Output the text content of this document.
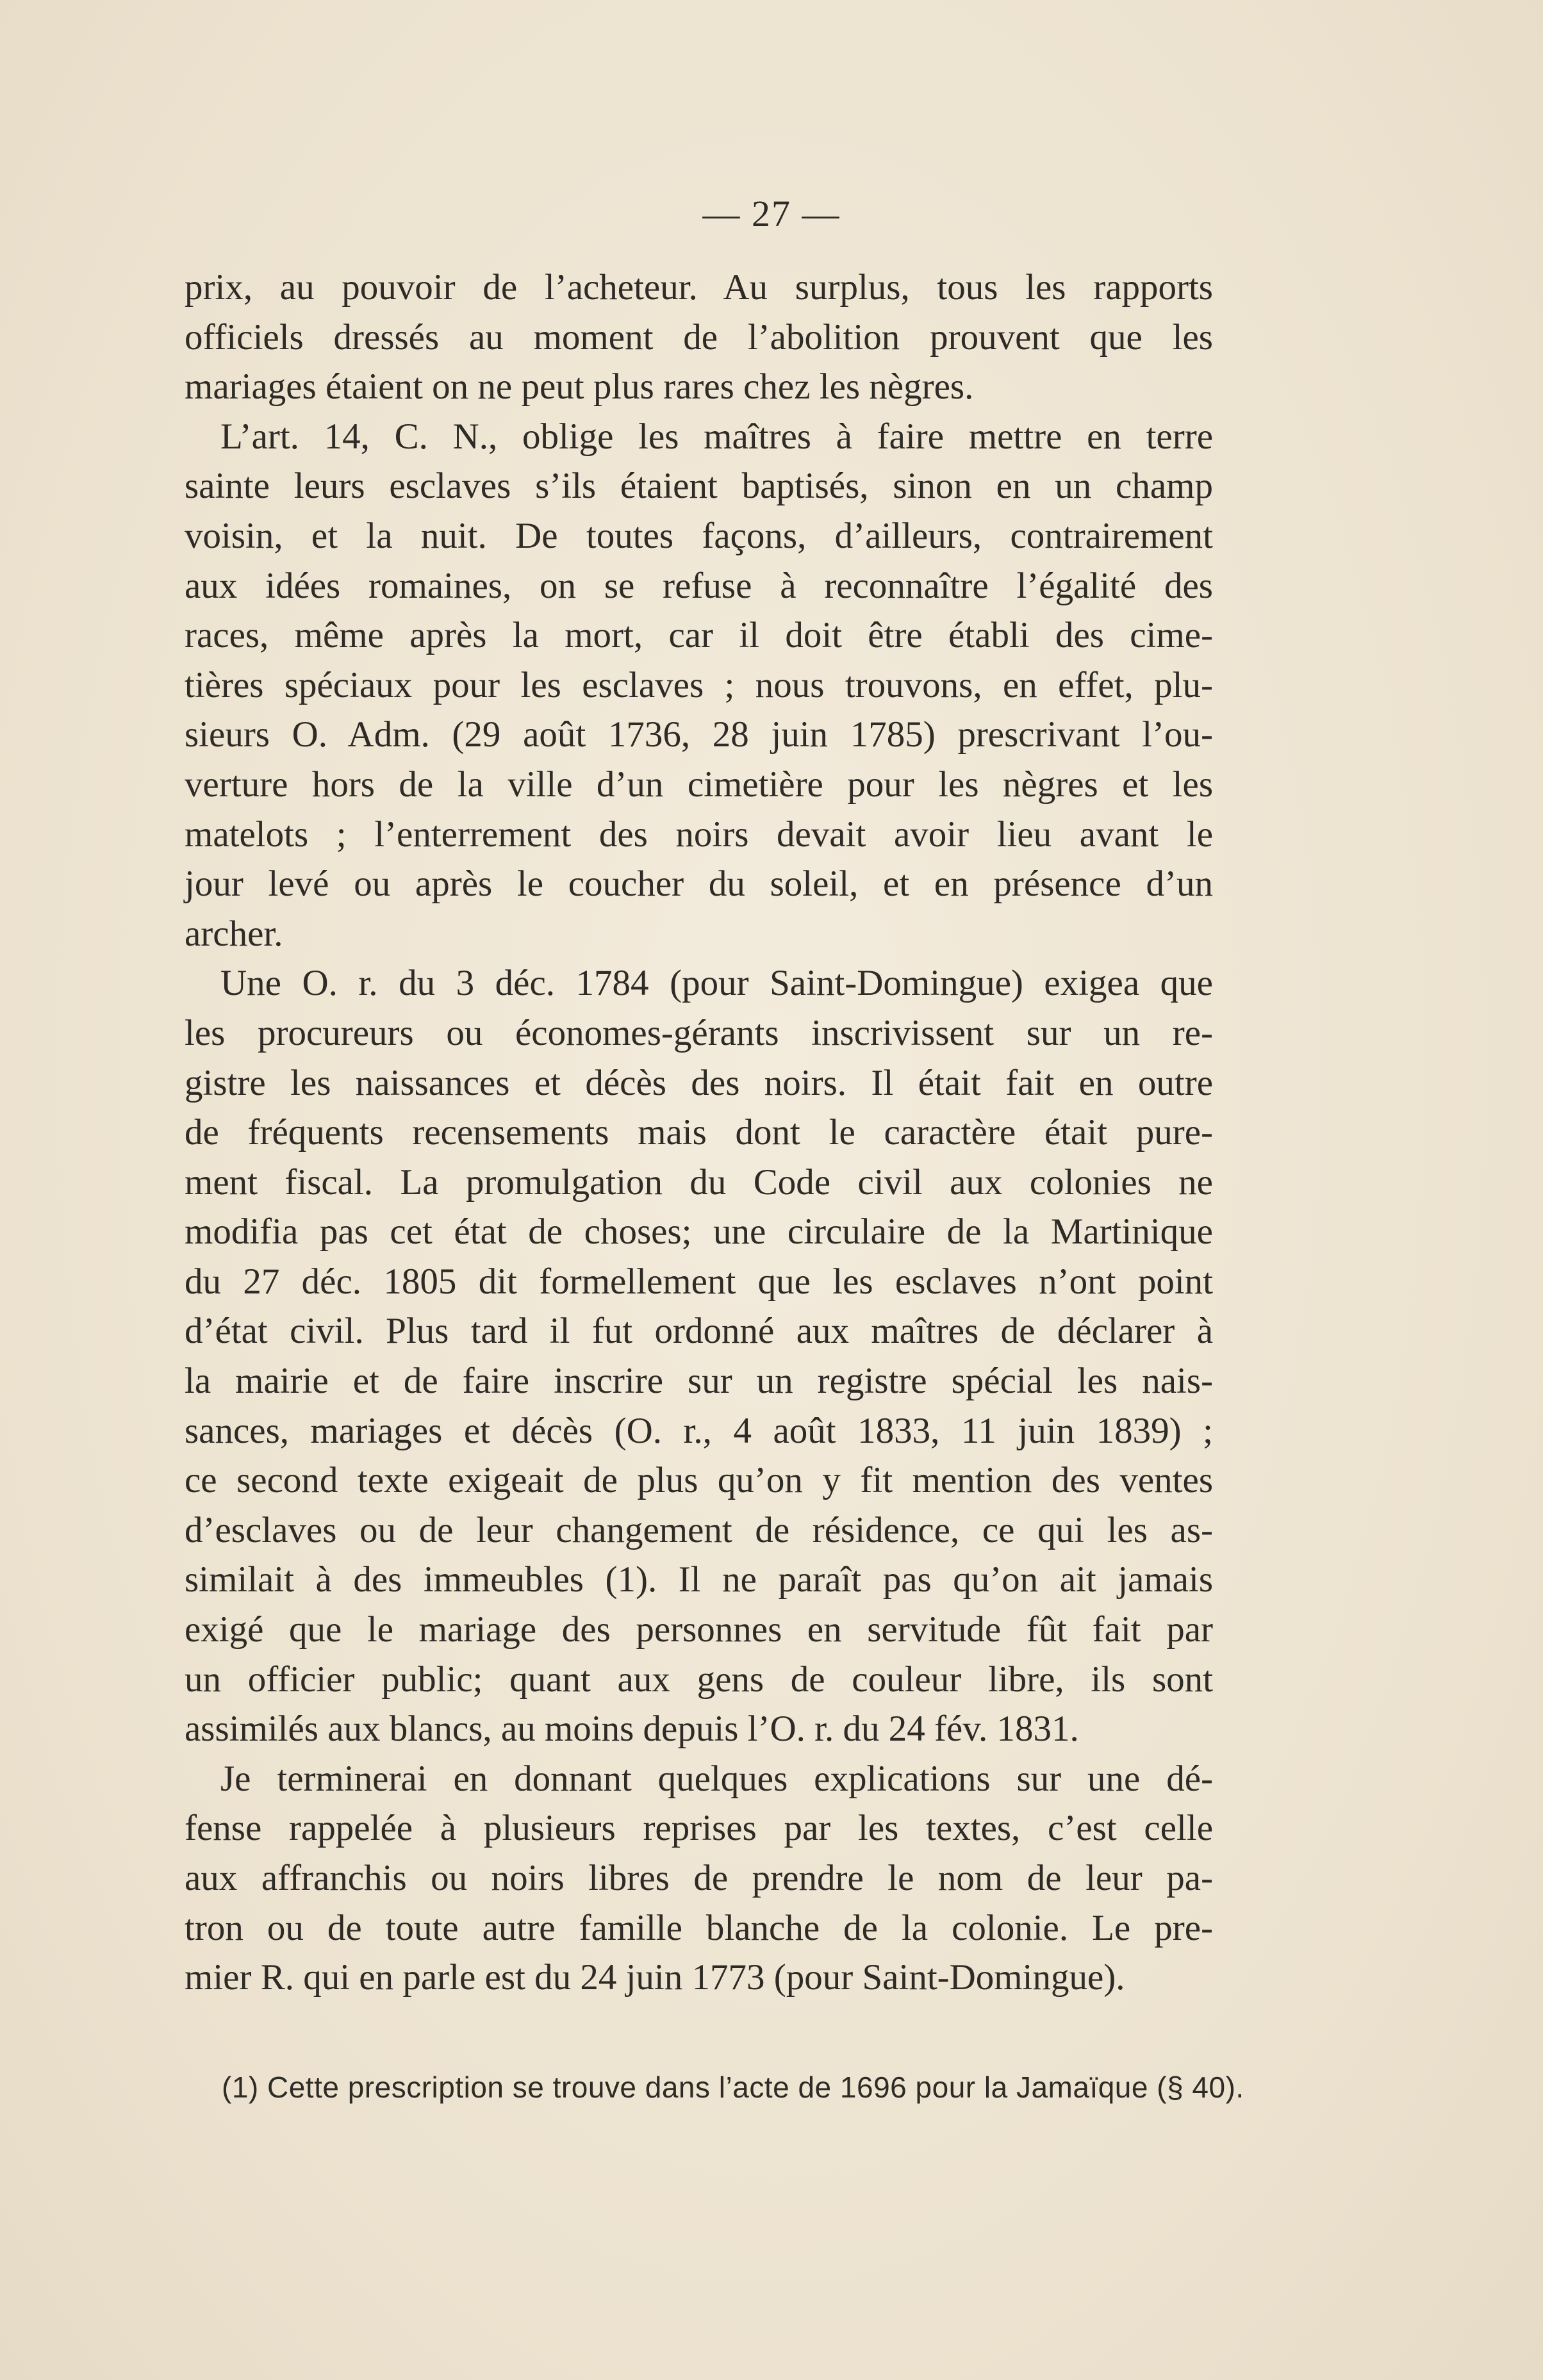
— 27 —

prix, au pouvoir de l’acheteur. Au surplus, tous les rapports
officiels dressés au moment de l’abolition prouvent que les
mariages étaient on ne peut plus rares chez les nègres.

L’art. 14, C. N., oblige les maîtres à faire mettre en terre
sainte leurs esclaves s’ils étaient baptisés, sinon en un champ
voisin, et la nuit. De toutes façons, d’ailleurs, contrairement
aux idées romaines, on se refuse à reconnaître l’égalité des
races, même après la mort, car il doit être établi des cime-
tières spéciaux pour les esclaves ; nous trouvons, en effet, plu-
sieurs O. Adm. (29 août 1736, 28 juin 1785) prescrivant l’ou-
verture hors de la ville d’un cimetière pour les nègres et les
matelots ; l’enterrement des noirs devait avoir lieu avant le
jour levé ou après le coucher du soleil, et en présence d’un
archer.

Une O. r. du 3 déc. 1784 (pour Saint-Domingue) exigea que
les procureurs ou économes-gérants inscrivissent sur un re-
gistre les naissances et décès des noirs. Il était fait en outre
de fréquents recensements mais dont le caractère était pure-
ment fiscal. La promulgation du Code civil aux colonies ne
modifia pas cet état de choses; une circulaire de la Martinique
du 27 déc. 1805 dit formellement que les esclaves n’ont point
d’état civil. Plus tard il fut ordonné aux maîtres de déclarer à
la mairie et de faire inscrire sur un registre spécial les nais-
sances, mariages et décès (O. r., 4 août 1833, 11 juin 1839) ;
ce second texte exigeait de plus qu’on y fit mention des ventes
d’esclaves ou de leur changement de résidence, ce qui les as-
similait à des immeubles (1). Il ne paraît pas qu’on ait jamais
exigé que le mariage des personnes en servitude fût fait par
un officier public; quant aux gens de couleur libre, ils sont
assimilés aux blancs, au moins depuis l’O. r. du 24 fév. 1831.

Je terminerai en donnant quelques explications sur une dé-
fense rappelée à plusieurs reprises par les textes, c’est celle
aux affranchis ou noirs libres de prendre le nom de leur pa-
tron ou de toute autre famille blanche de la colonie. Le pre-
mier R. qui en parle est du 24 juin 1773 (pour Saint-Domingue).

(1) Cette prescription se trouve dans l’acte de 1696 pour la Jamaïque (§ 40).
